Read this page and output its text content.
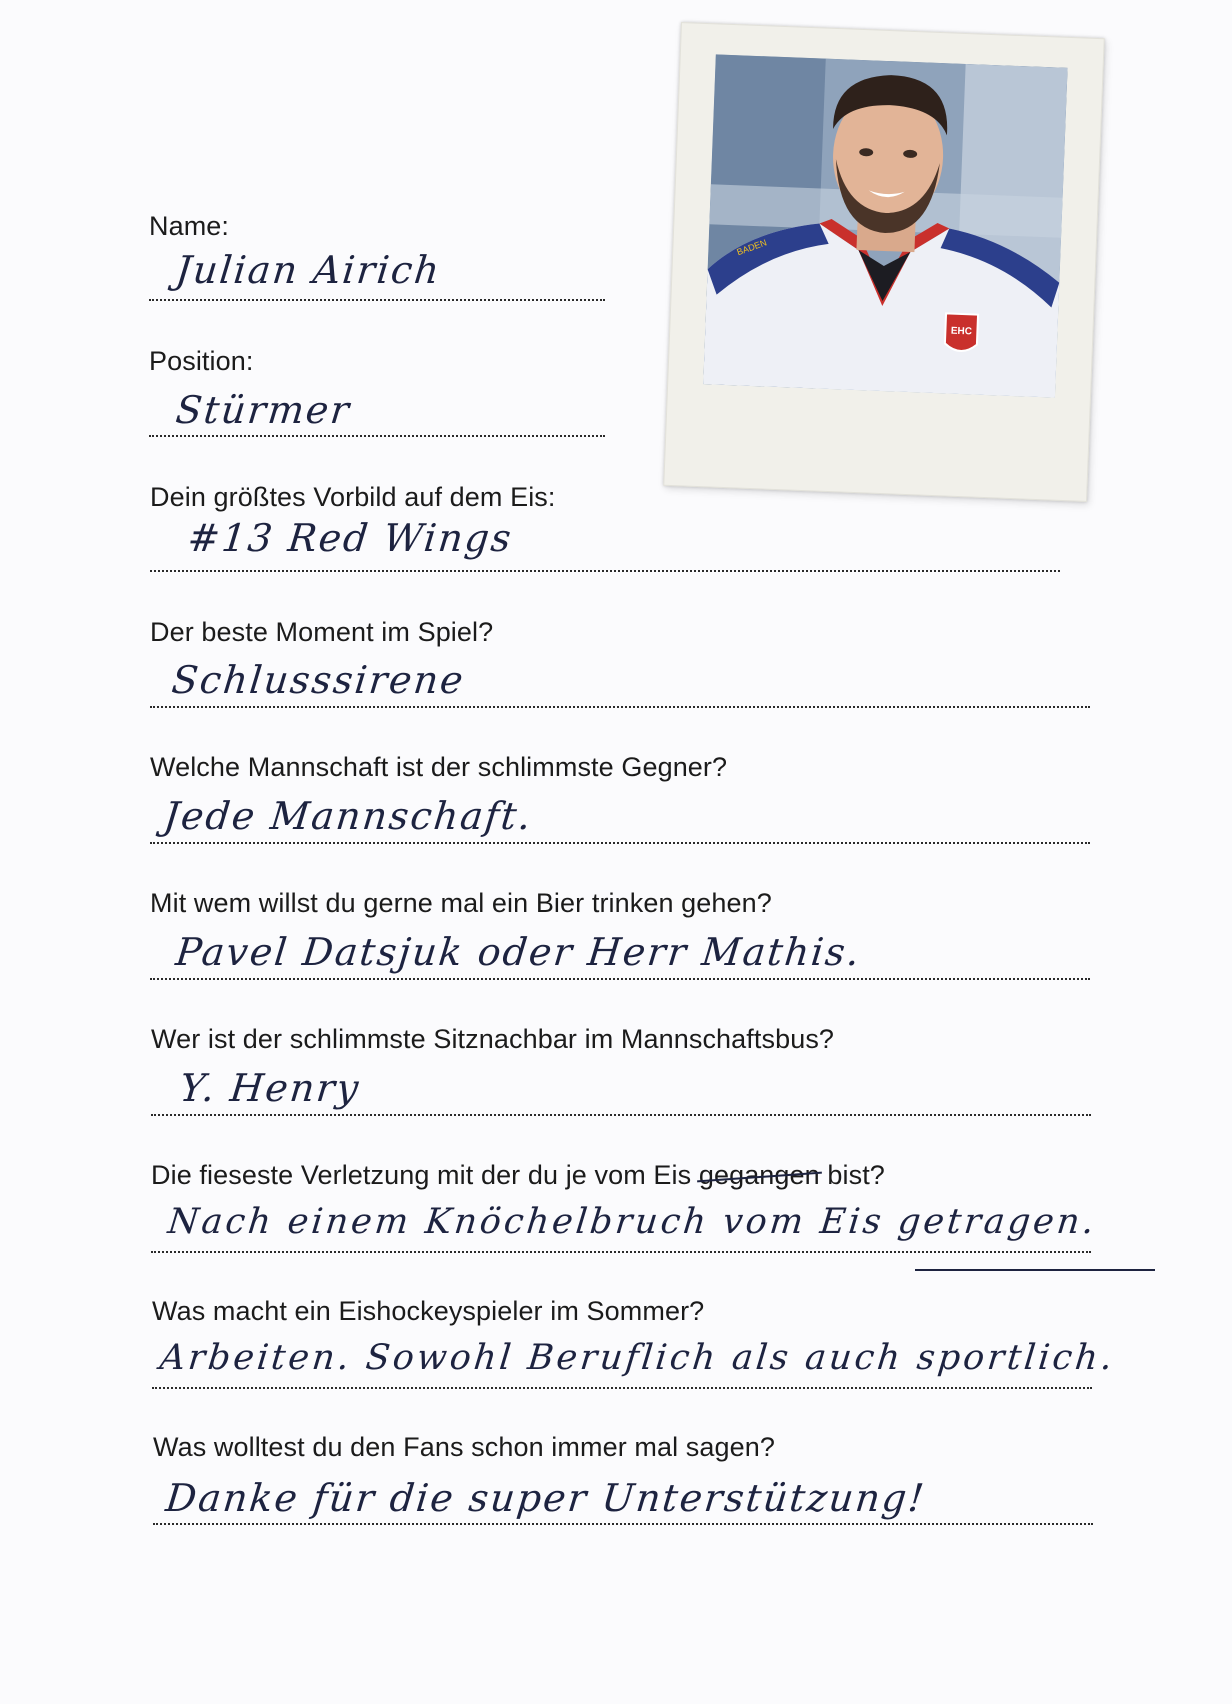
EHC
BADEN
Name:
Julian Airich
Position:
Stürmer
Dein größtes Vorbild auf dem Eis:
#13 Red Wings
Der beste Moment im Spiel?
Schlusssirene
Welche Mannschaft ist der schlimmste Gegner?
Jede Mannschaft.
Mit wem willst du gerne mal ein Bier trinken gehen?
Pavel Datsjuk oder Herr Mathis.
Wer ist der schlimmste Sitznachbar im Mannschaftsbus?
Y. Henry
Die fieseste Verletzung mit der du je vom Eis gegangen bist?
Nach einem Knöchelbruch vom Eis getragen.
Was macht ein Eishockeyspieler im Sommer?
Arbeiten. Sowohl Beruflich als auch sportlich.
Was wolltest du den Fans schon immer mal sagen?
Danke für die super Unterstützung!
